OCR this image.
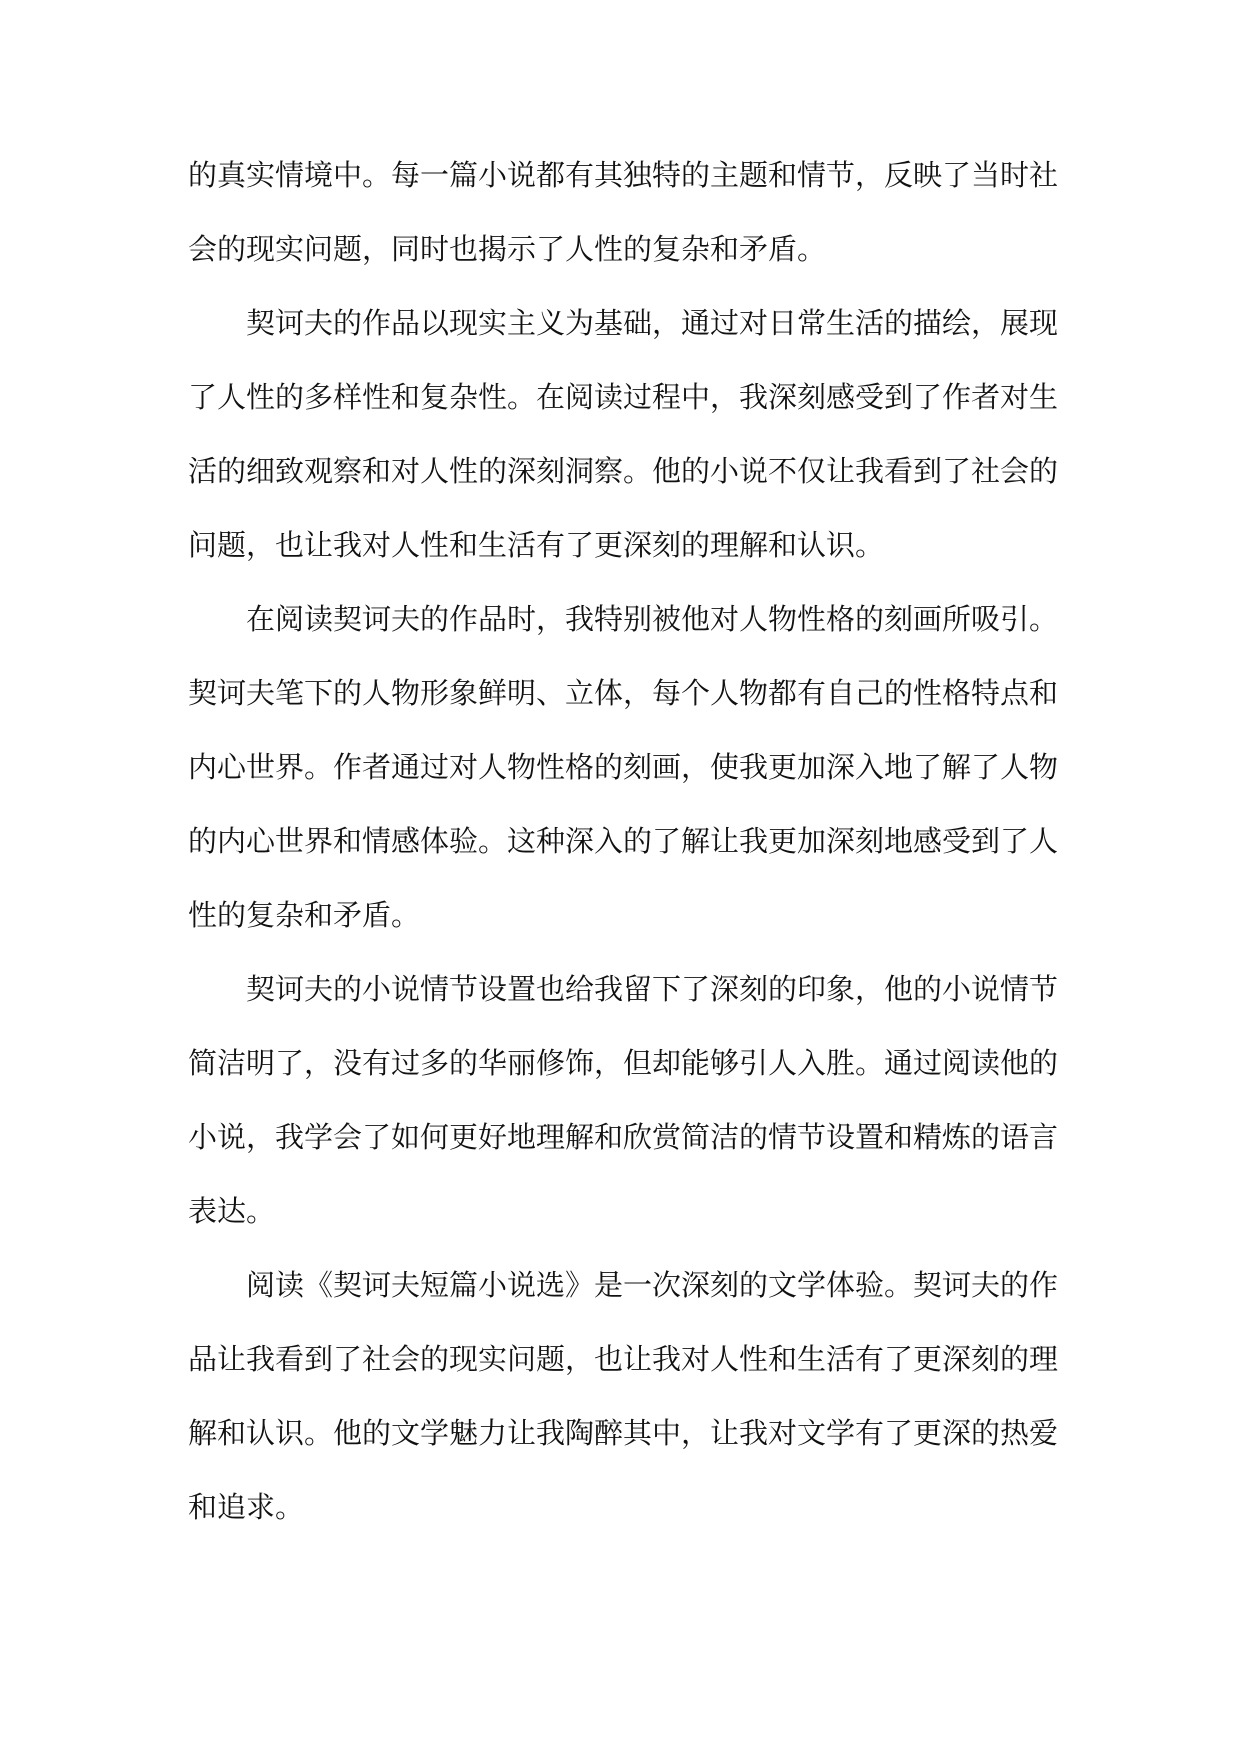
的真实情境中。每一篇小说都有其独特的主题和情节，反映了当时社
会的现实问题，同时也揭示了人性的复杂和矛盾。
契诃夫的作品以现实主义为基础，通过对日常生活的描绘，展现
了人性的多样性和复杂性。在阅读过程中，我深刻感受到了作者对生
活的细致观察和对人性的深刻洞察。他的小说不仅让我看到了社会的
问题，也让我对人性和生活有了更深刻的理解和认识。
在阅读契诃夫的作品时，我特别被他对人物性格的刻画所吸引。
契诃夫笔下的人物形象鲜明、立体，每个人物都有自己的性格特点和
内心世界。作者通过对人物性格的刻画，使我更加深入地了解了人物
的内心世界和情感体验。这种深入的了解让我更加深刻地感受到了人
性的复杂和矛盾。
契诃夫的小说情节设置也给我留下了深刻的印象，他的小说情节
简洁明了，没有过多的华丽修饰，但却能够引人入胜。通过阅读他的
小说，我学会了如何更好地理解和欣赏简洁的情节设置和精炼的语言
表达。
阅读《契诃夫短篇小说选》是一次深刻的文学体验。契诃夫的作
品让我看到了社会的现实问题，也让我对人性和生活有了更深刻的理
解和认识。他的文学魅力让我陶醉其中，让我对文学有了更深的热爱
和追求。
